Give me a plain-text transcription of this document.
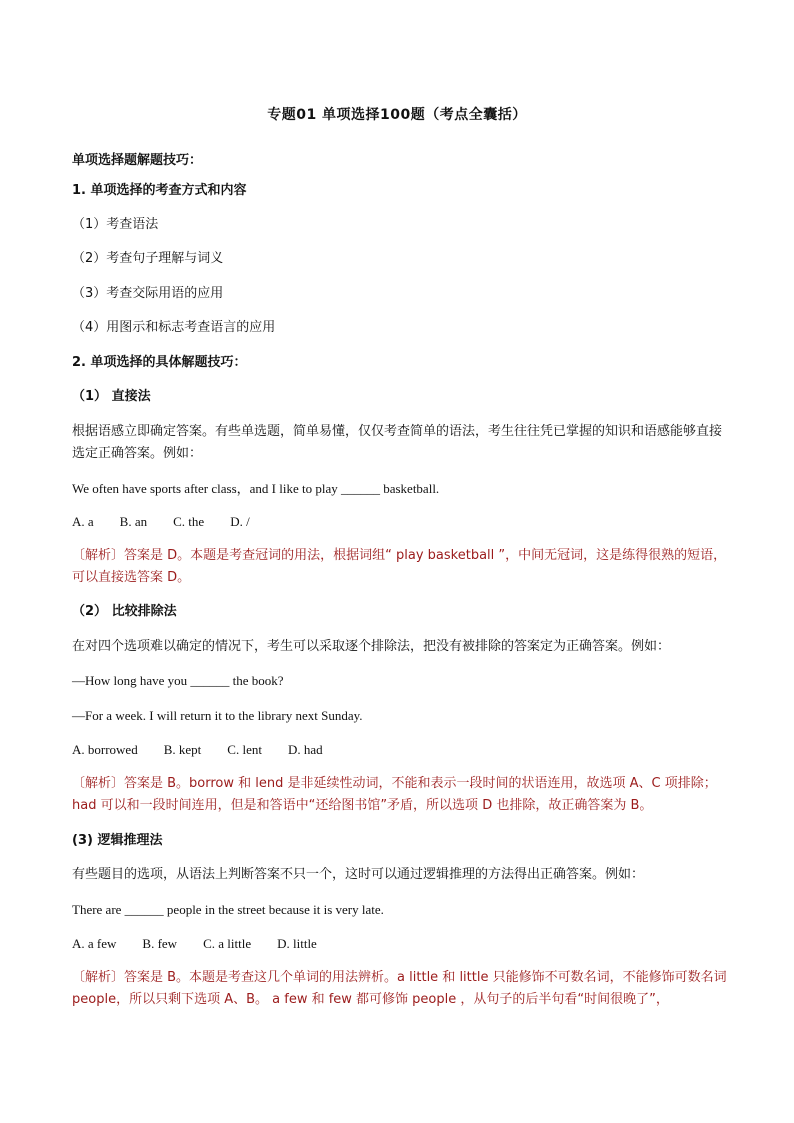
专题01 单项选择100题（考点全囊括）
单项选择题解题技巧：
1. 单项选择的考查方式和内容
（1）考查语法
（2）考查句子理解与词义
（3）考查交际用语的应用
（4）用图示和标志考查语言的应用
2. 单项选择的具体解题技巧：
（1） 直接法
根据语感立即确定答案。有些单选题，简单易懂，仅仅考查简单的语法，考生往往凭已掌握的知识和语感能够直接选定正确答案。例如：
We often have sports after class，and I like to play ______ basketball.
A. a B. an C. the D. /
〔解析〕答案是 D。本题是考查冠词的用法，根据词组“ play basketball ”，中间无冠词，这是练得很熟的短语，可以直接选答案 D。
（2） 比较排除法
在对四个选项难以确定的情况下，考生可以采取逐个排除法，把没有被排除的答案定为正确答案。例如：
—How long have you ______ the book?
—For a week. I will return it to the library next Sunday.
A. borrowed B. kept C. lent D. had
〔解析〕答案是 B。borrow 和 lend 是非延续性动词，不能和表示一段时间的状语连用，故选项 A、C 项排除； had 可以和一段时间连用，但是和答语中“还给图书馆”矛盾，所以选项 D 也排除，故正确答案为 B。
(3) 逻辑推理法
有些题目的选项，从语法上判断答案不只一个，这时可以通过逻辑推理的方法得出正确答案。例如：
There are ______ people in the street because it is very late.
A. a few B. few C. a little D. little
〔解析〕答案是 B。本题是考查这几个单词的用法辨析。a little 和 little 只能修饰不可数名词，不能修饰可数名词 people，所以只剩下选项 A、B。 a few 和 few 都可修饰 people ，从句子的后半句看“时间很晚了”，
